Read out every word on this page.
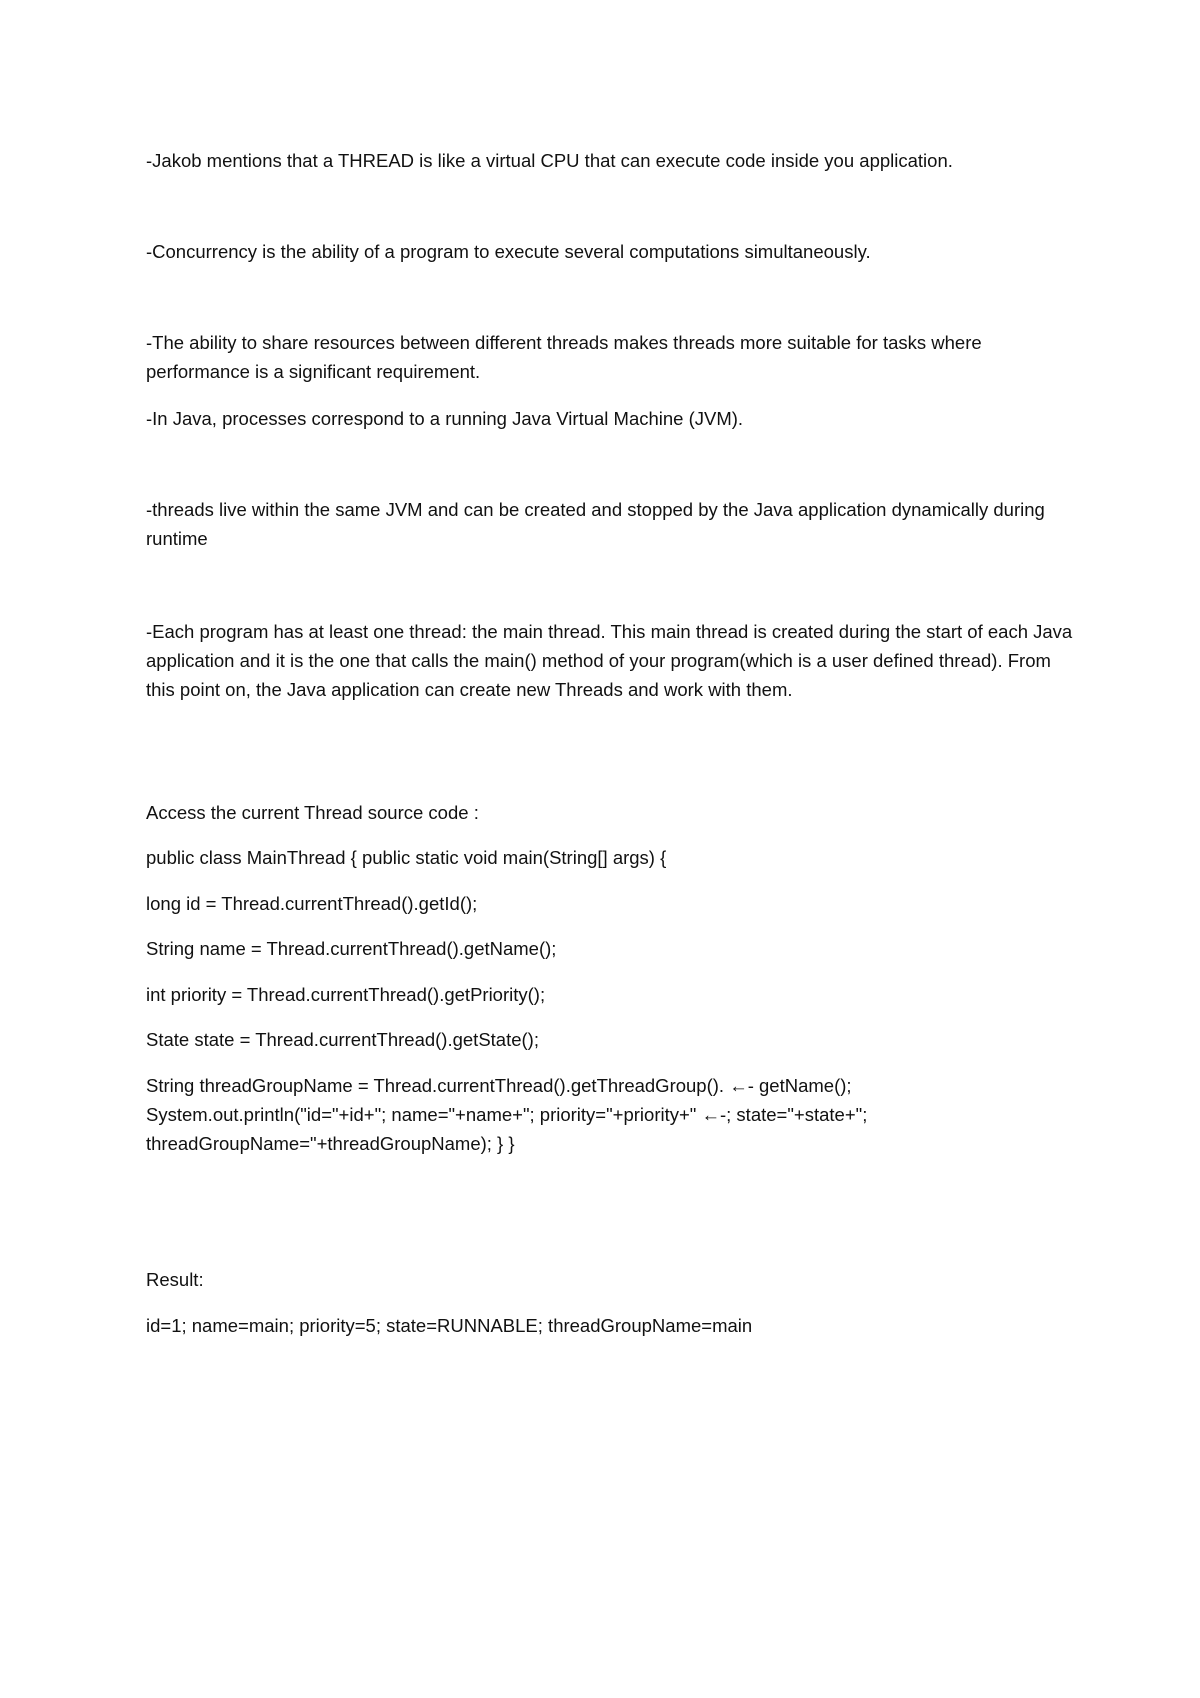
-Jakob mentions that a THREAD is like a virtual CPU that can execute code inside you application.

-Concurrency is the ability of a program to execute several computations simultaneously.

-The ability to share resources between different threads makes threads more suitable for tasks where performance is a significant requirement.

-In Java, processes correspond to a running Java Virtual Machine (JVM).

-threads live within the same JVM and can be created and stopped by the Java application dynamically during runtime

-Each program has at least one thread: the main thread. This main thread is created during the start of each Java application and it is the one that calls the main() method of your program(which is a user defined thread). From this point on, the Java application can create new Threads and work with them.

Access the current Thread source code :

public class MainThread { public static void main(String[] args) {

long id = Thread.currentThread().getId();

String name = Thread.currentThread().getName();

int priority = Thread.currentThread().getPriority();

State state = Thread.currentThread().getState();

String threadGroupName = Thread.currentThread().getThreadGroup(). ←- getName(); System.out.println("id="+id+"; name="+name+"; priority="+priority+" ←-; state="+state+"; threadGroupName="+threadGroupName); } }

Result:

id=1; name=main; priority=5; state=RUNNABLE; threadGroupName=main
